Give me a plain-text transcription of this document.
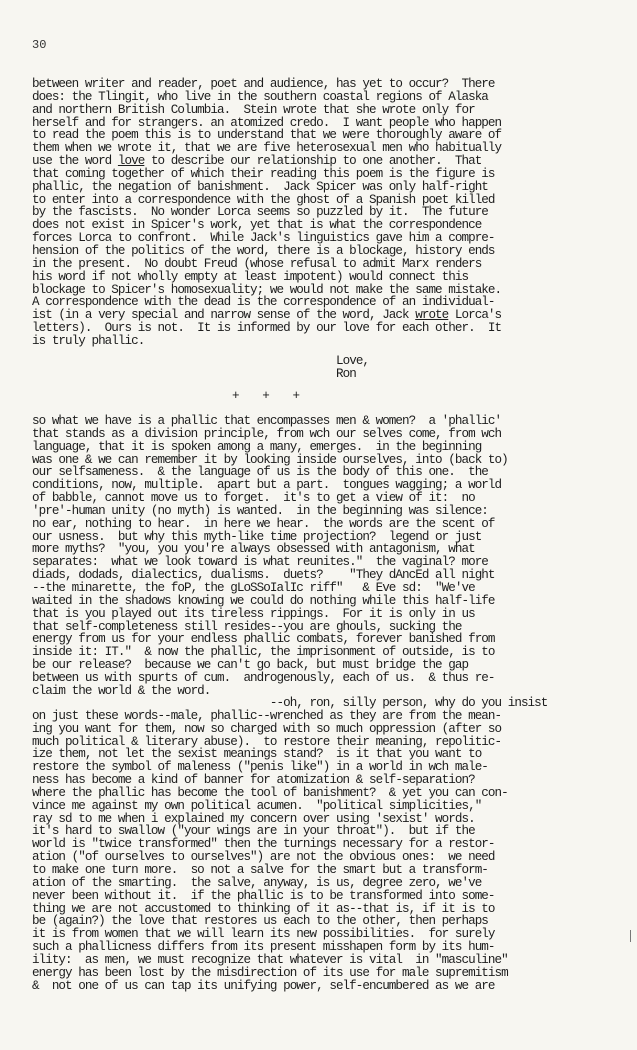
30
between writer and reader, poet and audience, has yet to occur?  There
does: the Tlingit, who live in the southern coastal regions of Alaska
and northern British Columbia.  Stein wrote that she wrote only for
herself and for strangers. an atomized credo.  I want people who happen
to read the poem this is to understand that we were thoroughly aware of
them when we wrote it, that we are five heterosexual men who habitually
use the word love to describe our relationship to one another.  That
that coming together of which their reading this poem is the figure is
phallic, the negation of banishment.  Jack Spicer was only half-right
to enter into a correspondence with the ghost of a Spanish poet killed
by the fascists.  No wonder Lorca seems so puzzled by it.  The future
does not exist in Spicer's work, yet that is what the correspondence
forces Lorca to confront.  While Jack's linguistics gave him a compre-
hension of the politics of the word, there is a blockage, history ends
in the present.  No doubt Freud (whose refusal to admit Marx renders
his word if not wholly empty at least impotent) would connect this
blockage to Spicer's homosexuality; we would not make the same mistake.
A correspondence with the dead is the correspondence of an individual-
ist (in a very special and narrow sense of the word, Jack wrote Lorca's
letters).  Ours is not.  It is informed by our love for each other.  It
is truly phallic.
Love,
Ron
+   +   +
so what we have is a phallic that encompasses men & women?  a 'phallic'
that stands as a division principle, from wch our selves come, from wch
language, that it is spoken among a many, emerges.  in the beginning
was one & we can remember it by looking inside ourselves, into (back to)
our selfsameness.  & the language of us is the body of this one.  the
conditions, now, multiple.  apart but a part.  tongues wagging; a world
of babble, cannot move us to forget.  it's to get a view of it:  no
'pre'-human unity (no myth) is wanted.  in the beginning was silence:
no ear, nothing to hear.  in here we hear.  the words are the scent of
our usness.  but why this myth-like time projection?  legend or just
more myths?  "you, you you're always obsessed with antagonism, what
separates:  what we look toward is what reunites."  the vaginal? more
diads, dodads, dialectics, dualisms.  duets?    "They dAncEd all night
--the minarette, the foP, the gLoSSoIalIc riff"   & Eve sd:  "We've
waited in the shadows knowing we could do nothing while this half-life
that is you played out its tireless rippings.  For it is only in us
that self-completeness still resides--you are ghouls, sucking the
energy from us for your endless phallic combats, forever banished from
inside it: IT."  & now the phallic, the imprisonment of outside, is to
be our release?  because we can't go back, but must bridge the gap
between us with spurts of cum.  androgenously, each of us.  & thus re-
claim the world & the word.
--oh, ron, silly person, why do you insist
on just these words--male, phallic--wrenched as they are from the mean-
ing you want for them, now so charged with so much oppression (after so
much political & literary abuse).  to restore their meaning, repolitic-
ize them, not let the sexist meanings stand?  is it that you want to
restore the symbol of maleness ("penis like") in a world in wch male-
ness has become a kind of banner for atomization & self-separation?
where the phallic has become the tool of banishment?  & yet you can con-
vince me against my own political acumen.  "political simplicities,"
ray sd to me when i explained my concern over using 'sexist' words.
it's hard to swallow ("your wings are in your throat").  but if the
world is "twice transformed" then the turnings necessary for a restor-
ation ("of ourselves to ourselves") are not the obvious ones:  we need
to make one turn more.  so not a salve for the smart but a transform-
ation of the smarting.  the salve, anyway, is us, degree zero, we've
never been without it.  if the phallic is to be transformed into some-
thing we are not accustomed to thinking of it as--that is, if it is to
be (again?) the love that restores us each to the other, then perhaps
it is from women that we will learn its new possibilities.  for surely
such a phallicness differs from its present misshapen form by its hum-
ility:  as men, we must recognize that whatever is vital  in "masculine"
energy has been lost by the misdirection of its use for male supremitism
&  not one of us can tap its unifying power, self-encumbered as we are
